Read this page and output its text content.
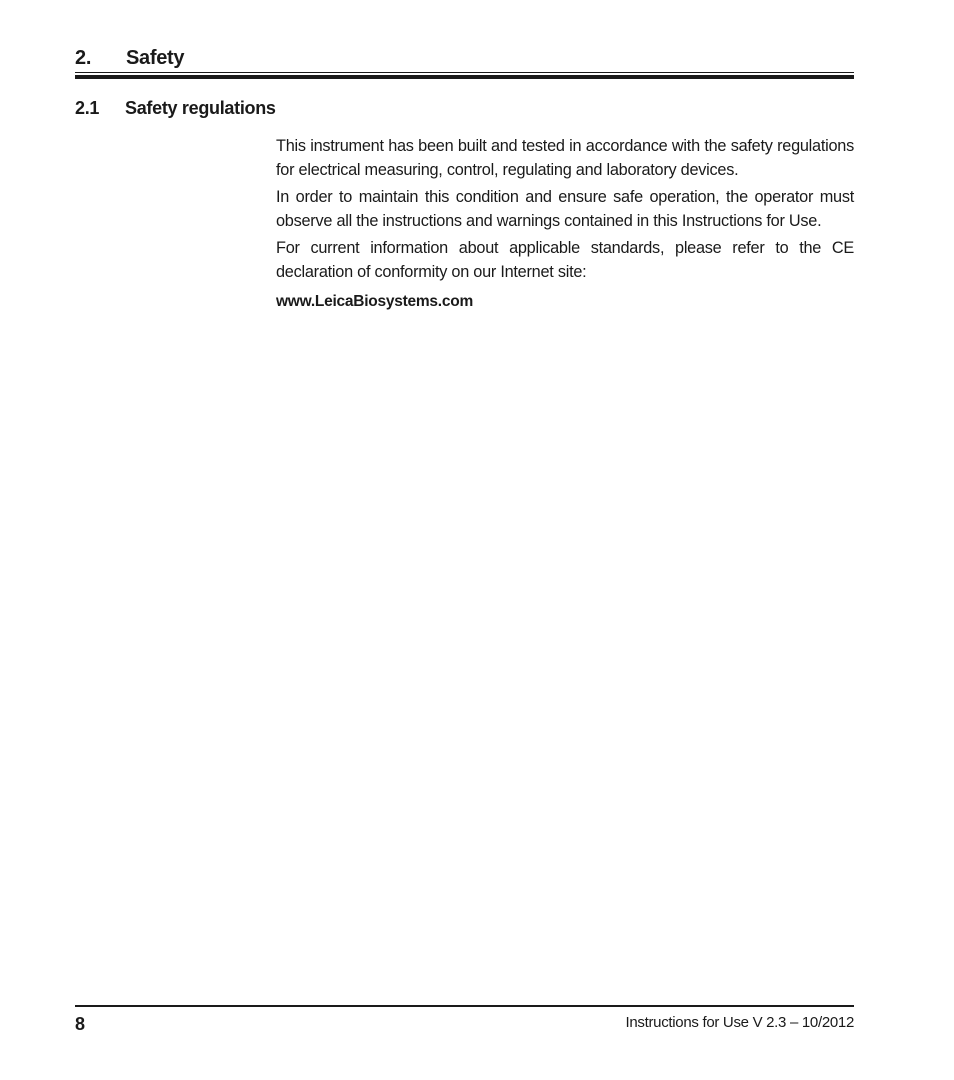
2. Safety
2.1 Safety regulations

This instrument has been built and tested in accordance with the safety regulations for electrical measuring, control, regulating and laboratory devices.

In order to maintain this condition and ensure safe operation, the operator must observe all the instructions and warnings contained in this Instructions for Use.

For current information about applicable standards, please refer to the CE declaration of conformity on our Internet site:

www.LeicaBiosystems.com

8	Instructions for Use V 2.3 – 10/2012
